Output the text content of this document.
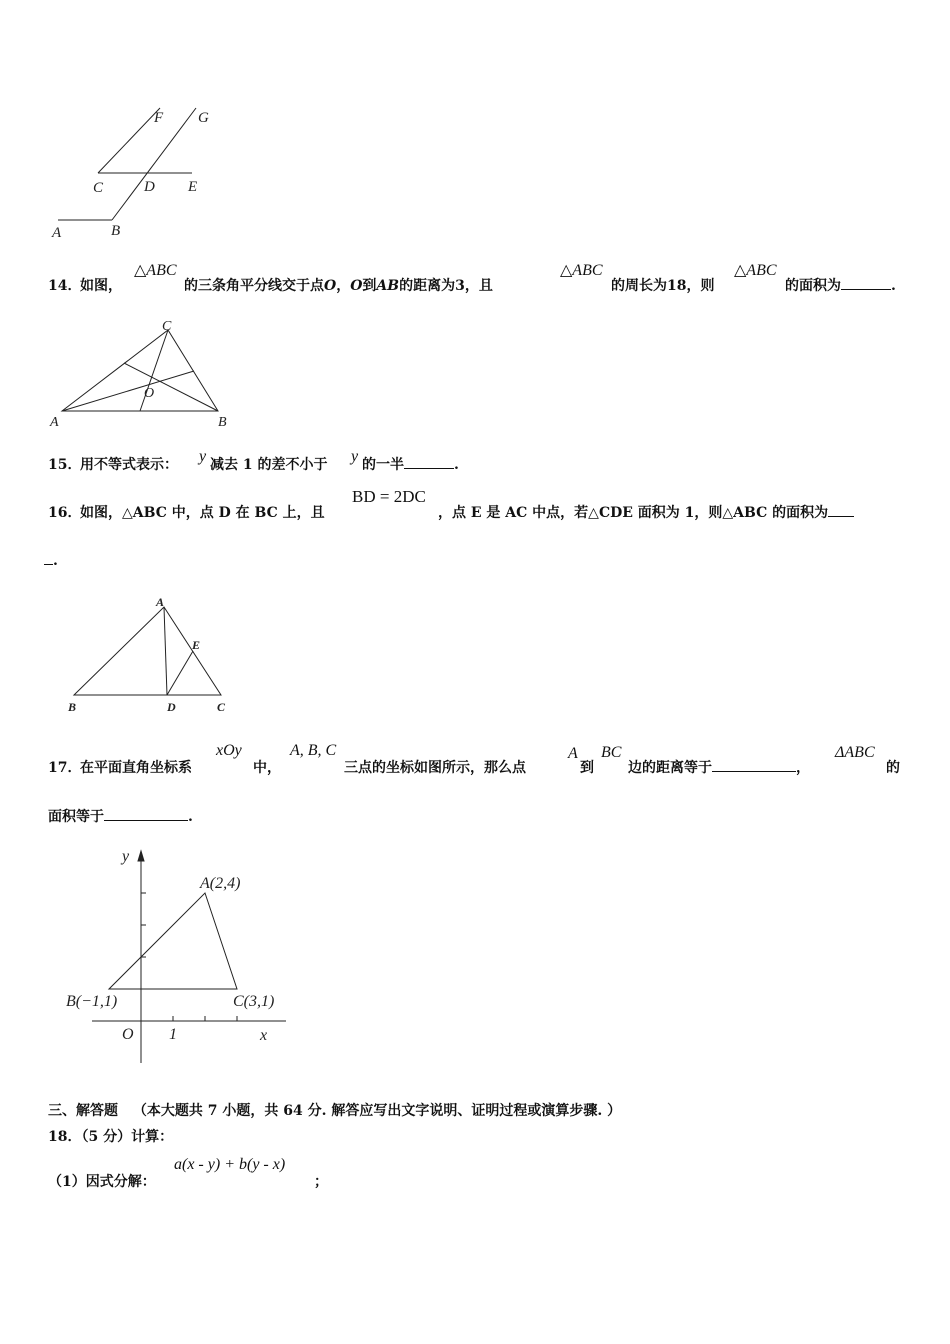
F G
C	D E
A	B
14．
如图，
△ABC
的三条角平分线交于点O，O到AB的距离为3，且
△ABC
的周长为18，则
△ABC
的面积为	.
C
O
A	B
15．
用不等式表示： y 减去 1 的差不小于 y 的一半	.
16．
如图，△ABC 中，点 D 在 BC 上，且
BD = 2DC
，点 E 是 AC 中点，若△CDE 面积为 1，则△ABC 的面积为
.
A
E
B	D	C
17．
在平面直角坐标系
xOy
中，
A, B, C
三点的坐标如图所示，那么点
A
到
BC
边的距离等于	，
ΔABC
的
面积等于	.
y
A(2,4)
B(−1,1)	C(3,1)
O 1	x
三、解答题 （本大题共 7 小题，共 64 分. 解答应写出文字说明、证明过程或演算步骤. ）
18．（5 分）计算：
（1）因式分解：
a(x - y) + b(y - x)
；
